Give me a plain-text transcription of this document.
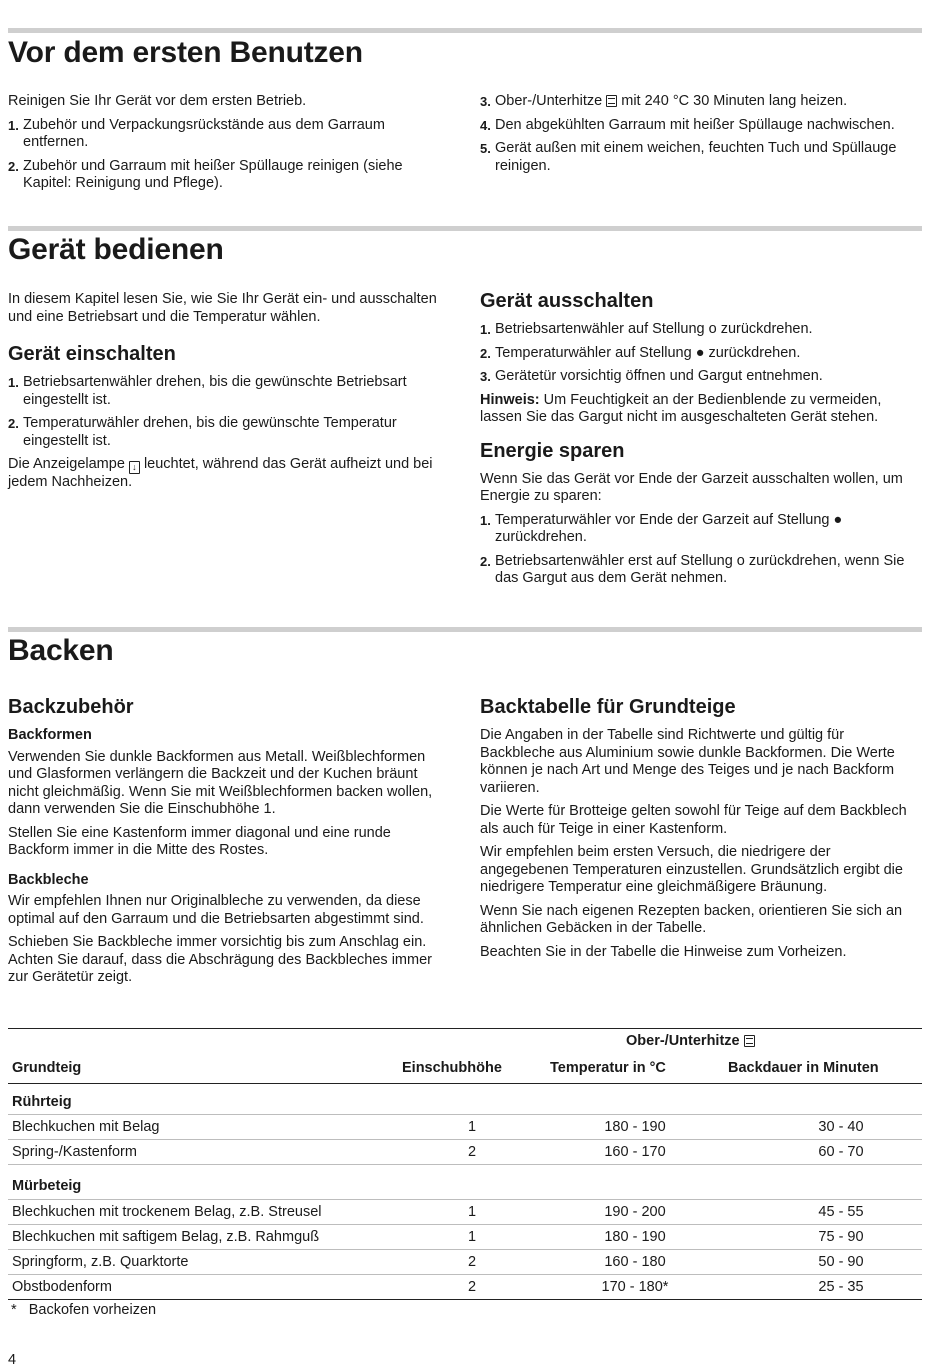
Vor dem ersten Benutzen

Reinigen Sie Ihr Gerät vor dem ersten Betrieb.

1. Zubehör und Verpackungsrückstände aus dem Garraum entfernen.
2. Zubehör und Garraum mit heißer Spüllauge reinigen (siehe Kapitel: Reinigung und Pflege).
3. Ober-/Unterhitze mit 240 °C 30 Minuten lang heizen.
4. Den abgekühlten Garraum mit heißer Spüllauge nachwischen.
5. Gerät außen mit einem weichen, feuchten Tuch und Spüllauge reinigen.
Gerät bedienen

In diesem Kapitel lesen Sie, wie Sie Ihr Gerät ein- und ausschalten und eine Betriebsart und die Temperatur wählen.

Gerät einschalten
1. Betriebsartenwähler drehen, bis die gewünschte Betriebsart eingestellt ist.
2. Temperaturwähler drehen, bis die gewünschte Temperatur eingestellt ist.

Die Anzeigelampe ↓ leuchtet, während das Gerät aufheizt und bei jedem Nachheizen.

Gerät ausschalten
1. Betriebsartenwähler auf Stellung o zurückdrehen.
2. Temperaturwähler auf Stellung ● zurückdrehen.
3. Gerätetür vorsichtig öffnen und Gargut entnehmen.

Hinweis: Um Feuchtigkeit an der Bedienblende zu vermeiden, lassen Sie das Gargut nicht im ausgeschalteten Gerät stehen.

Energie sparen

Wenn Sie das Gerät vor Ende der Garzeit ausschalten wollen, um Energie zu sparen:

1. Temperaturwähler vor Ende der Garzeit auf Stellung ● zurückdrehen.
2. Betriebsartenwähler erst auf Stellung o zurückdrehen, wenn Sie das Gargut aus dem Gerät nehmen.
Backen
Backzubehör
Backformen

Verwenden Sie dunkle Backformen aus Metall. Weißblechformen und Glasformen verlängern die Backzeit und der Kuchen bräunt nicht gleichmäßig. Wenn Sie mit Weißblechformen backen wollen, dann verwenden Sie die Einschubhöhe 1.

Stellen Sie eine Kastenform immer diagonal und eine runde Backform immer in die Mitte des Rostes.

Backbleche

Wir empfehlen Ihnen nur Originalbleche zu verwenden, da diese optimal auf den Garraum und die Betriebsarten abgestimmt sind.

Schieben Sie Backbleche immer vorsichtig bis zum Anschlag ein. Achten Sie darauf, dass die Abschrägung des Backbleches immer zur Gerätetür zeigt.

Backtabelle für Grundteige

Die Angaben in der Tabelle sind Richtwerte und gültig für Backbleche aus Aluminium sowie dunkle Backformen. Die Werte können je nach Art und Menge des Teiges und je nach Backform variieren.

Die Werte für Brotteige gelten sowohl für Teige auf dem Backblech als auch für Teige in einer Kastenform.

Wir empfehlen beim ersten Versuch, die niedrigere der angegebenen Temperaturen einzustellen. Grundsätzlich ergibt die niedrigere Temperatur eine gleichmäßigere Bräunung.

Wenn Sie nach eigenen Rezepten backen, orientieren Sie sich an ähnlichen Gebäcken in der Tabelle.

Beachten Sie in der Tabelle die Hinweise zum Vorheizen.

		Ober-/Unterhitze	
Grundteig	Einschubhöhe	Temperatur in °C	Backdauer in Minuten
Rührteig			
Blechkuchen mit Belag	1	180 - 190	30 - 40
Spring-/Kastenform	2	160 - 170	60 - 70
Mürbeteig			
Blechkuchen mit trockenem Belag, z.B. Streusel	1	190 - 200	45 - 55
Blechkuchen mit saftigem Belag, z.B. Rahmguß	1	180 - 190	75 - 90
Springform, z.B. Quarktorte	2	160 - 180	50 - 90
Obstbodenform	2	170 - 180*	25 - 35
*   Backofen vorheizen
4
